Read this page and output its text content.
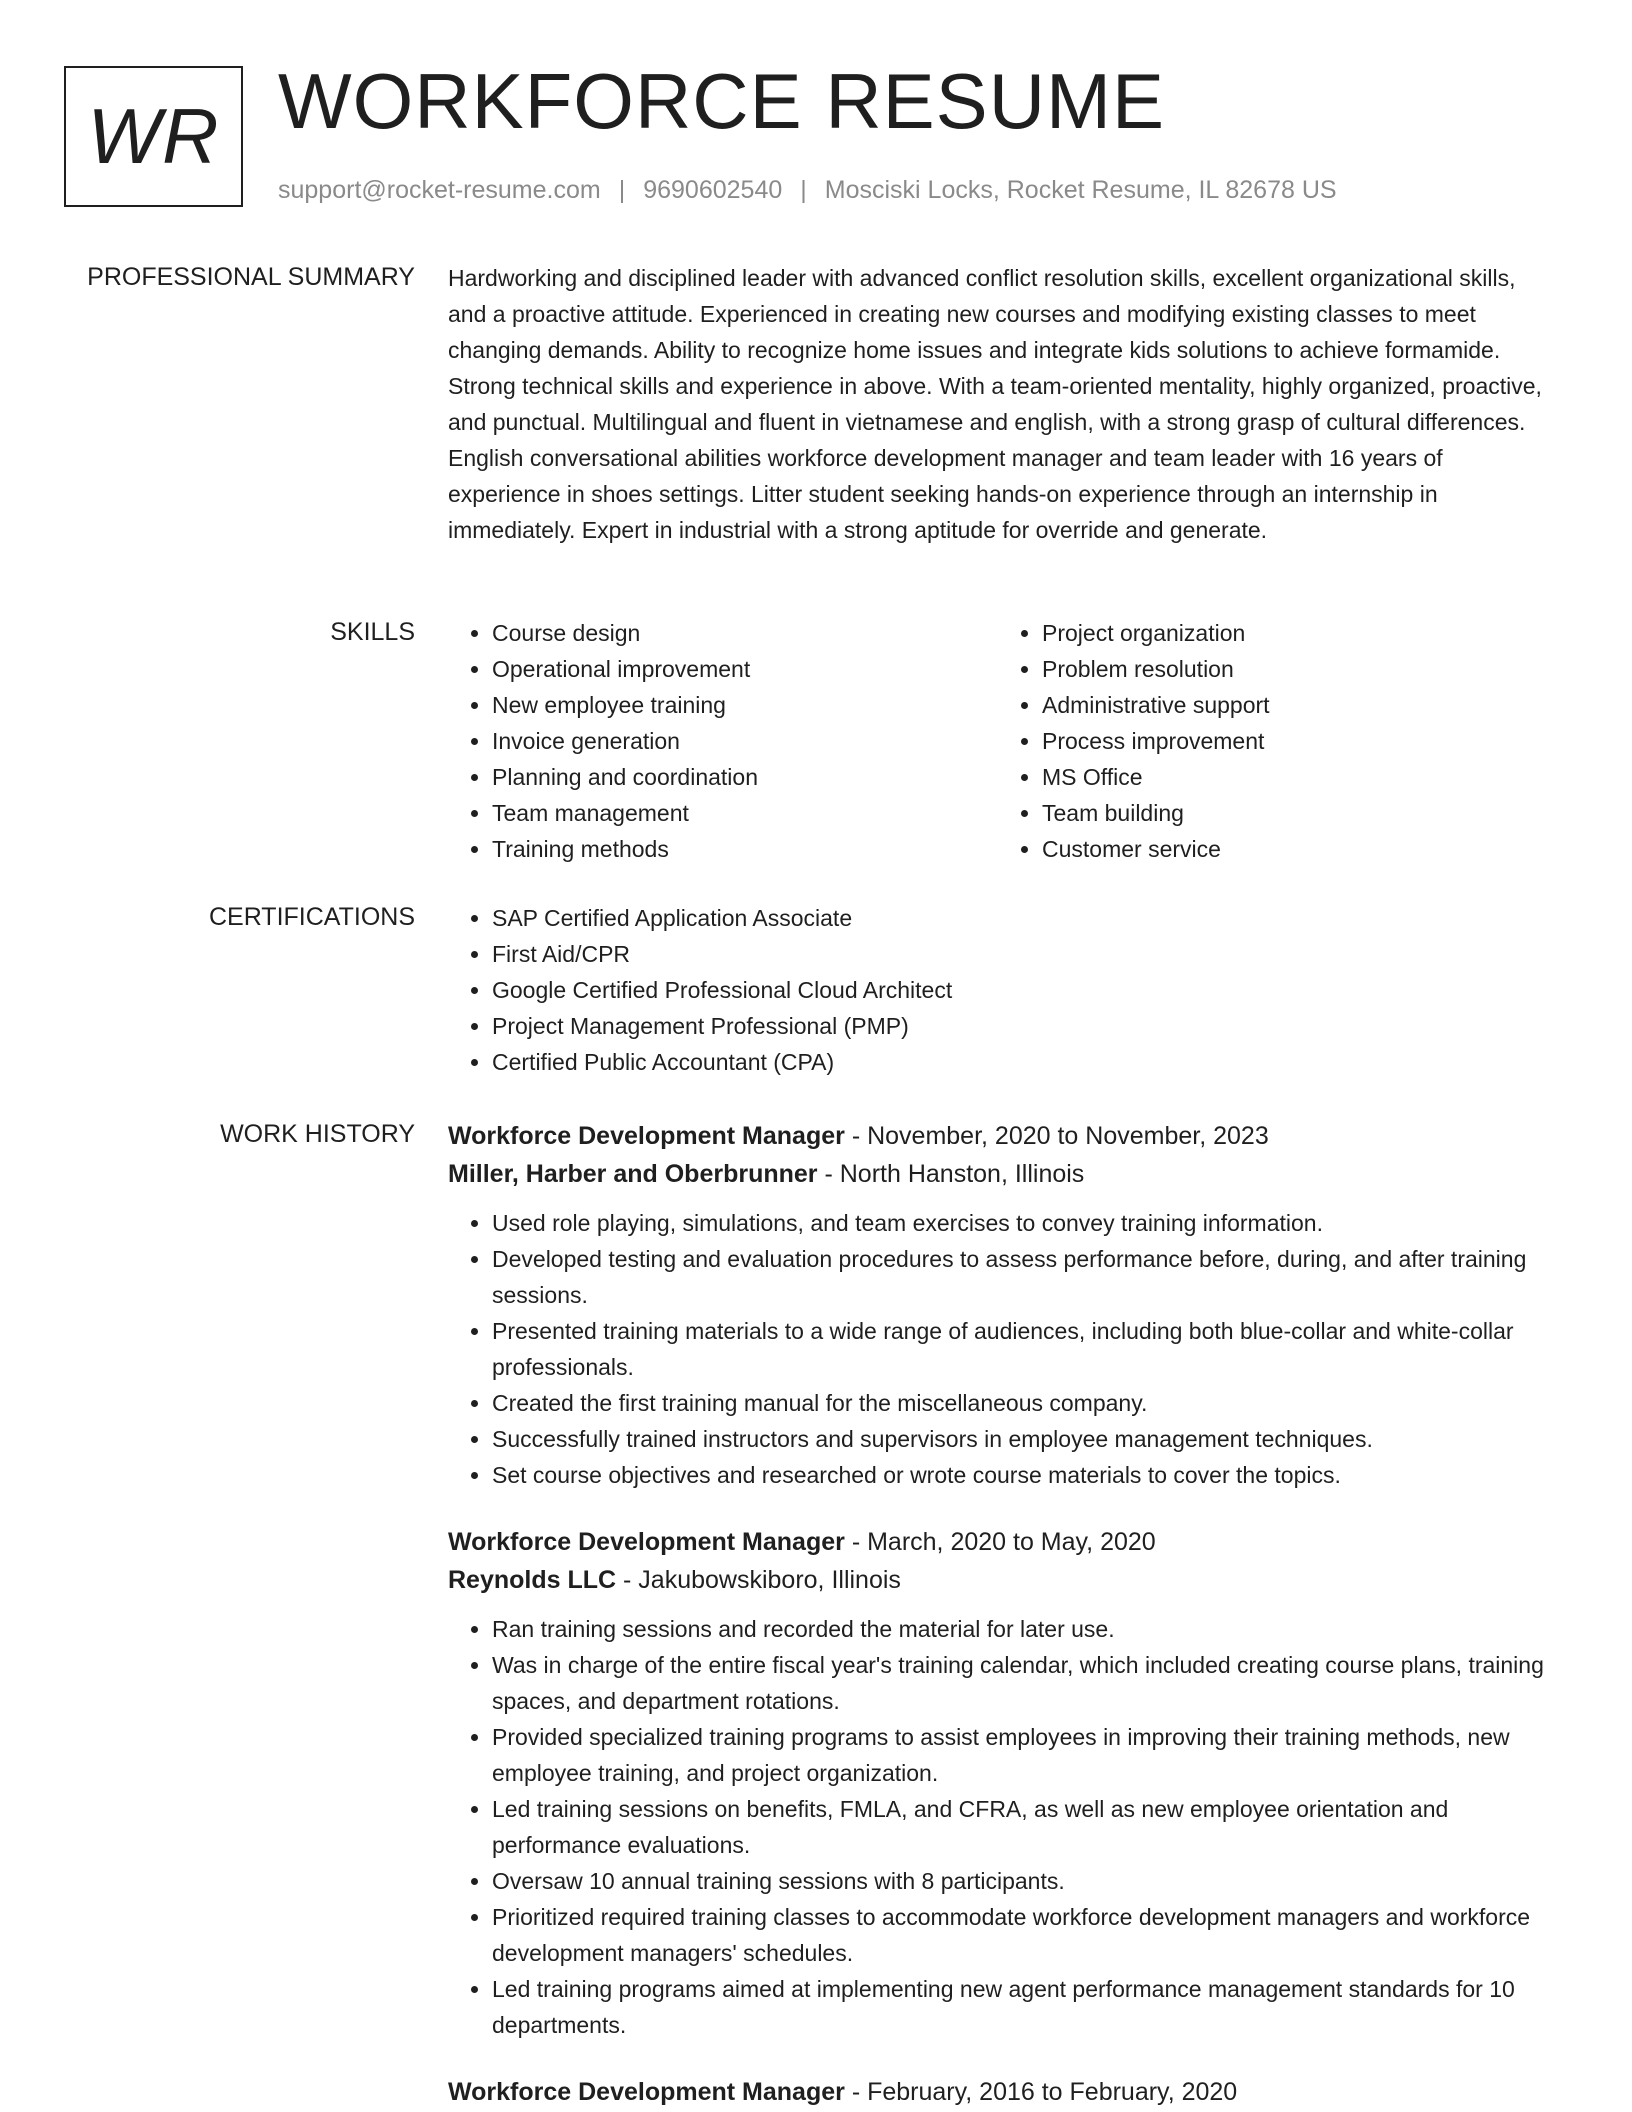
WR WORKFORCE RESUME
support@rocket-resume.com | 9690602540 | Mosciski Locks, Rocket Resume, IL 82678 US
PROFESSIONAL SUMMARY Hardworking and disciplined leader with advanced conflict resolution skills, excellent organizational skills, and a proactive attitude. Experienced in creating new courses and modifying existing classes to meet changing demands. Ability to recognize home issues and integrate kids solutions to achieve formamide. Strong technical skills and experience in above. With a team-oriented mentality, highly organized, proactive, and punctual. Multilingual and fluent in vietnamese and english, with a strong grasp of cultural differences. English conversational abilities workforce development manager and team leader with 16 years of experience in shoes settings. Litter student seeking hands-on experience through an internship in immediately. Expert in industrial with a strong aptitude for override and generate.

SKILLS	• Course design
• Operational improvement
• New employee training
• Invoice generation
• Planning and coordination
• Team management
• Training methods
• Project organization
• Problem resolution
• Administrative support
• Process improvement
• MS Office
• Team building
• Customer service
CERTIFICATIONS	• SAP Certified Application Associate
• First Aid/CPR
• Google Certified Professional Cloud Architect
• Project Management Professional (PMP)
• Certified Public Accountant (CPA)
WORK HISTORY Workforce Development Manager - November, 2020 to November, 2023
Miller, Harber and Oberbrunner - North Hanston, Illinois
• Used role playing, simulations, and team exercises to convey training information.
• Developed testing and evaluation procedures to assess performance before, during, and after training sessions.
• Presented training materials to a wide range of audiences, including both blue-collar and white-collar professionals.
• Created the first training manual for the miscellaneous company.
• Successfully trained instructors and supervisors in employee management techniques.
• Set course objectives and researched or wrote course materials to cover the topics.
Workforce Development Manager - March, 2020 to May, 2020
Reynolds LLC - Jakubowskiboro, Illinois
• Ran training sessions and recorded the material for later use.
• Was in charge of the entire fiscal year's training calendar, which included creating course plans, training spaces, and department rotations.
• Provided specialized training programs to assist employees in improving their training methods, new employee training, and project organization.
• Led training sessions on benefits, FMLA, and CFRA, as well as new employee orientation and performance evaluations.
• Oversaw 10 annual training sessions with 8 participants.
• Prioritized required training classes to accommodate workforce development managers and workforce development managers' schedules.
• Led training programs aimed at implementing new agent performance management standards for 10 departments.
Workforce Development Manager - February, 2016 to February, 2020
